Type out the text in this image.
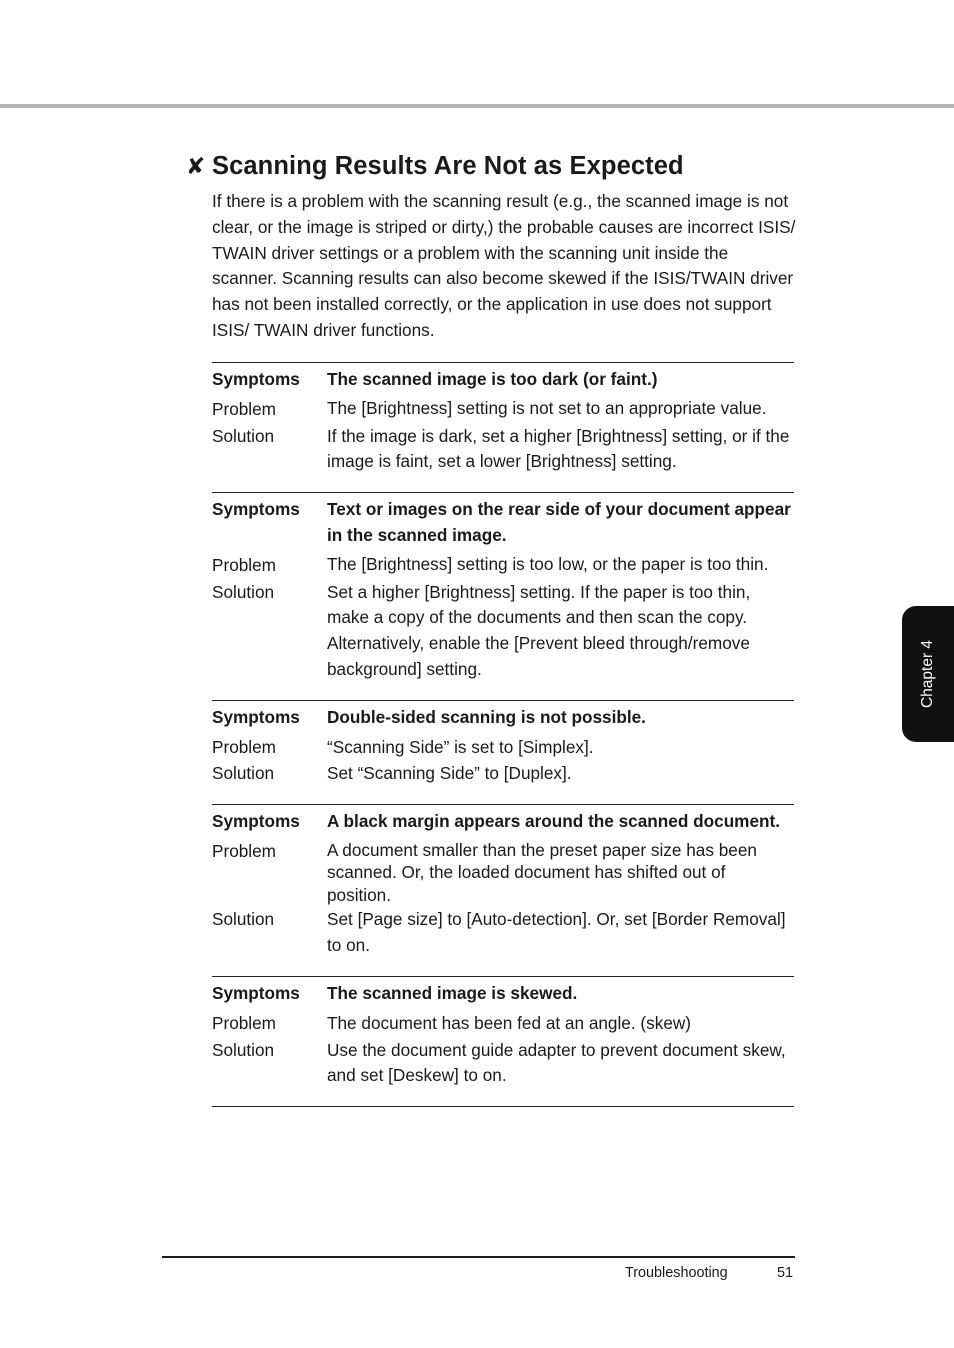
✘ Scanning Results Are Not as Expected

If there is a problem with the scanning result (e.g., the scanned image is not clear, or the image is striped or dirty,) the probable causes are incorrect ISIS/ TWAIN driver settings or a problem with the scanning unit inside the scanner. Scanning results can also become skewed if the ISIS/TWAIN driver has not been installed correctly, or the application in use does not support ISIS/ TWAIN driver functions.

Symptoms	The scanned image is too dark (or faint.)
Problem	The [Brightness] setting is not set to an appropriate value.
Solution	If the image is dark, set a higher [Brightness] setting, or if the image is faint, set a lower [Brightness] setting.
Symptoms	Text or images on the rear side of your document appear in the scanned image.
Problem	The [Brightness] setting is too low, or the paper is too thin.
Solution	Set a higher [Brightness] setting. If the paper is too thin, make a copy of the documents and then scan the copy. Alternatively, enable the [Prevent bleed through/remove background] setting.
Symptoms	Double-sided scanning is not possible.
Problem	“Scanning Side” is set to [Simplex].
Solution	Set “Scanning Side” to [Duplex].
Symptoms	A black margin appears around the scanned document.
Problem	A document smaller than the preset paper size has been scanned. Or, the loaded document has shifted out of position.
Solution	Set [Page size] to [Auto-detection]. Or, set [Border Removal] to on.
Symptoms	The scanned image is skewed.
Problem	The document has been fed at an angle. (skew)
Solution	Use the document guide adapter to prevent document skew, and set [Deskew] to on.
Chapter 4
Troubleshooting	51
